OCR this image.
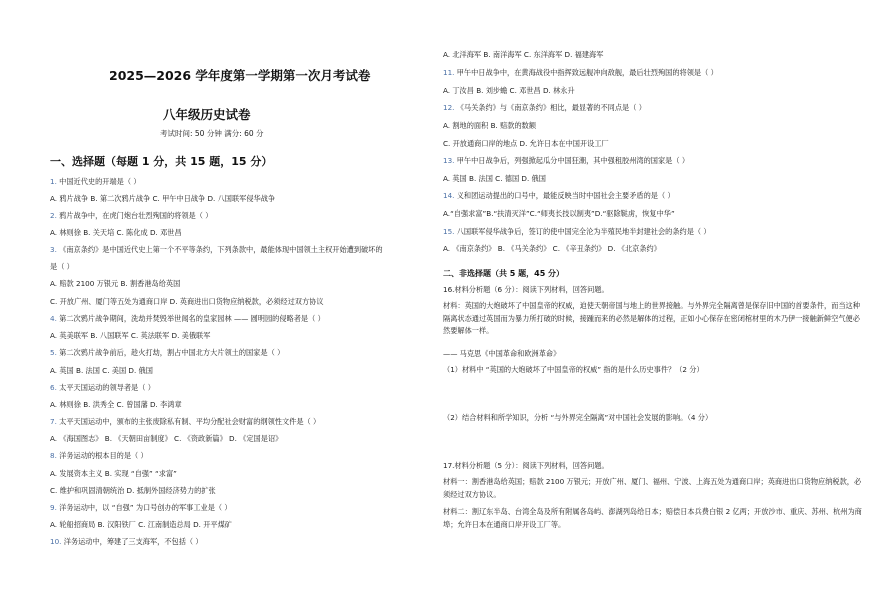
2025—2026 学年度第一学期第一次月考试卷
八年级历史试卷
考试时间: 50 分钟 满分: 60 分
一、选择题（每题 1 分，共 15 题，15 分）
1. 中国近代史的开端是（ ）
A. 鸦片战争 B. 第二次鸦片战争 C. 甲午中日战争 D. 八国联军侵华战争
2. 鸦片战争中，在虎门炮台壮烈殉国的将领是（ ）
A. 林则徐 B. 关天培 C. 陈化成 D. 邓世昌
3. 《南京条约》是中国近代史上第一个不平等条约，下列条款中，最能体现中国领土主权开始遭到破坏的
是（ ）
A. 赔款 2100 万银元 B. 割香港岛给英国
C. 开放广州、厦门等五处为通商口岸 D. 英商进出口货物应纳税款，必须经过双方协议
4. 第二次鸦片战争期间，洗劫并焚毁举世闻名的皇家园林 —— 圆明园的侵略者是（ ）
A. 英美联军 B. 八国联军 C. 英法联军 D. 美俄联军
5. 第二次鸦片战争前后，趁火打劫，割占中国北方大片领土的国家是（ ）
A. 英国 B. 法国 C. 美国 D. 俄国
6. 太平天国运动的领导者是（ ）
A. 林则徐 B. 洪秀全 C. 曾国藩 D. 李鸿章
7. 太平天国运动中，颁布的主张废除私有制、平均分配社会财富的纲领性文件是（ ）
A. 《海国图志》 B. 《天朝田亩制度》 C. 《资政新篇》 D. 《定国是诏》
8. 洋务运动的根本目的是（ ）
A. 发展资本主义 B. 实现 “自强” “求富”
C. 维护和巩固清朝统治 D. 抵制外国经济势力的扩张
9. 洋务运动中，以 “自强” 为口号创办的军事工业是（ ）
A. 轮船招商局 B. 汉阳铁厂 C. 江南制造总局 D. 开平煤矿
10. 洋务运动中，筹建了三支海军，不包括（ ）
A. 北洋海军 B. 南洋海军 C. 东洋海军 D. 福建海军
11. 甲午中日战争中，在黄海战役中指挥致远舰冲向敌舰，最后壮烈殉国的将领是（ ）
A. 丁汝昌 B. 刘步蟾 C. 邓世昌 D. 林永升
12. 《马关条约》与《南京条约》相比，最显著的不同点是（ ）
A. 割地的面积 B. 赔款的数额
C. 开放通商口岸的地点 D. 允许日本在中国开设工厂
13. 甲午中日战争后，列强掀起瓜分中国狂潮，其中强租胶州湾的国家是（ ）
A. 英国 B. 法国 C. 德国 D. 俄国
14. 义和团运动提出的口号中，最能反映当时中国社会主要矛盾的是（ ）
A.“自强求富”B.“扶清灭洋”C.“师夷长技以制夷”D.“驱除鞑虏，恢复中华”
15. 八国联军侵华战争后，签订的使中国完全沦为半殖民地半封建社会的条约是（ ）
A. 《南京条约》 B. 《马关条约》 C. 《辛丑条约》 D. 《北京条约》
二、非选择题（共 5 题，45 分）
16.材料分析题（6 分）：阅读下列材料，回答问题。
材料：英国的大炮破坏了中国皇帝的权威，迫使天朝帝国与地上的世界接触。与外界完全隔离曾是保存旧中国的首要条件，而当这种隔离状态通过英国而为暴力所打破的时候，接踵而来的必然是解体的过程，正如小心保存在密闭棺材里的木乃伊一接触新鲜空气便必然要解体一样。
—— 马克思《中国革命和欧洲革命》
（1）材料中 “英国的大炮破坏了中国皇帝的权威” 指的是什么历史事件？（2 分）
（2）结合材料和所学知识，分析 “与外界完全隔离”对中国社会发展的影响。（4 分）
17.材料分析题（5 分）：阅读下列材料，回答问题。
材料一：割香港岛给英国；赔款 2100 万银元；开放广州、厦门、福州、宁波、上海五处为通商口岸；英商进出口货物应纳税款，必须经过双方协议。
材料二：割辽东半岛、台湾全岛及所有附属各岛屿、澎湖列岛给日本；赔偿日本兵费白银 2 亿两；开放沙市、重庆、苏州、杭州为商埠；允许日本在通商口岸开设工厂等。
